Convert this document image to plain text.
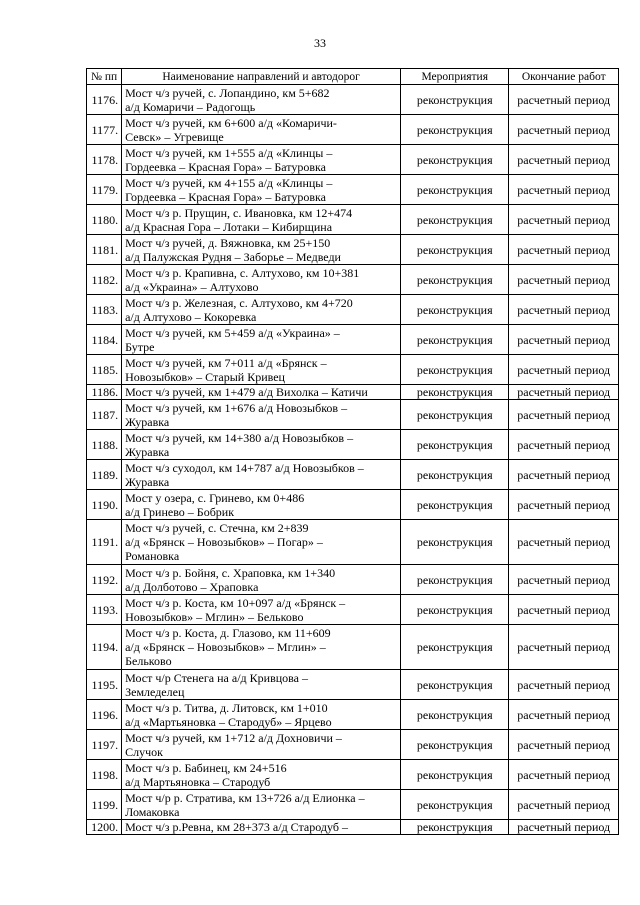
33
№ пп	Наименование направлений и автодорог	Мероприятия	Окончание работ
1176.	Мост ч/з ручей, с. Лопандино, км 5+682
а/д Комаричи – Радогощь	реконструкция	расчетный период
1177.	Мост ч/з ручей, км 6+600 а/д «Комаричи-
Севск» – Угревище	реконструкция	расчетный период
1178.	Мост ч/з ручей, км 1+555 а/д «Клинцы –
Гордеевка – Красная Гора» – Батуровка	реконструкция	расчетный период
1179.	Мост ч/з ручей, км 4+155 а/д «Клинцы –
Гордеевка – Красная Гора» – Батуровка	реконструкция	расчетный период
1180.	Мост ч/з р. Прущин, с. Ивановка, км 12+474
а/д Красная Гора – Лотаки – Кибирщина	реконструкция	расчетный период
1181.	Мост ч/з ручей, д. Вяжновка, км 25+150
а/д Палужская Рудня – Заборье – Медведи	реконструкция	расчетный период
1182.	Мост ч/з р. Крапивна, с. Алтухово, км 10+381
а/д «Украина» – Алтухово	реконструкция	расчетный период
1183.	Мост ч/з р. Железная, с. Алтухово, км 4+720
а/д Алтухово – Кокоревка	реконструкция	расчетный период
1184.	Мост ч/з ручей, км 5+459 а/д «Украина» –
Бутре	реконструкция	расчетный период
1185.	Мост ч/з ручей, км 7+011 а/д «Брянск –
Новозыбков» – Старый Кривец	реконструкция	расчетный период
1186.	Мост ч/з ручей, км 1+479 а/д Вихолка – Катичи	реконструкция	расчетный период
1187.	Мост ч/з ручей, км 1+676 а/д Новозыбков –
Журавка	реконструкция	расчетный период
1188.	Мост ч/з ручей, км 14+380 а/д Новозыбков –
Журавка	реконструкция	расчетный период
1189.	Мост ч/з суходол, км 14+787 а/д Новозыбков –
Журавка	реконструкция	расчетный период
1190.	Мост у озера, с. Гринево, км 0+486
а/д Гринево – Бобрик	реконструкция	расчетный период
1191.	Мост ч/з ручей, с. Стечна, км 2+839
а/д «Брянск – Новозыбков» – Погар» –
Романовка	реконструкция	расчетный период
1192.	Мост ч/з р. Бойня, с. Храповка, км 1+340
а/д Долботово – Храповка	реконструкция	расчетный период
1193.	Мост ч/з р. Коста, км 10+097 а/д «Брянск –
Новозыбков» – Мглин» – Бельково	реконструкция	расчетный период
1194.	Мост ч/з р. Коста, д. Глазово, км 11+609
а/д «Брянск – Новозыбков» – Мглин» –
Бельково	реконструкция	расчетный период
1195.	Мост ч/р Стенега на а/д Кривцова –
Земледелец	реконструкция	расчетный период
1196.	Мост ч/з р. Титва, д. Литовск, км 1+010
а/д «Мартьяновка – Стародуб» – Ярцево	реконструкция	расчетный период
1197.	Мост ч/з ручей, км 1+712 а/д Дохновичи –
Случок	реконструкция	расчетный период
1198.	Мост ч/з р. Бабинец, км 24+516
а/д Мартьяновка – Стародуб	реконструкция	расчетный период
1199.	Мост ч/р р. Стратива, км 13+726 а/д Елионка –
Ломаковка	реконструкция	расчетный период
1200.	Мост ч/з р.Ревна, км 28+373 а/д Стародуб –	реконструкция	расчетный период
